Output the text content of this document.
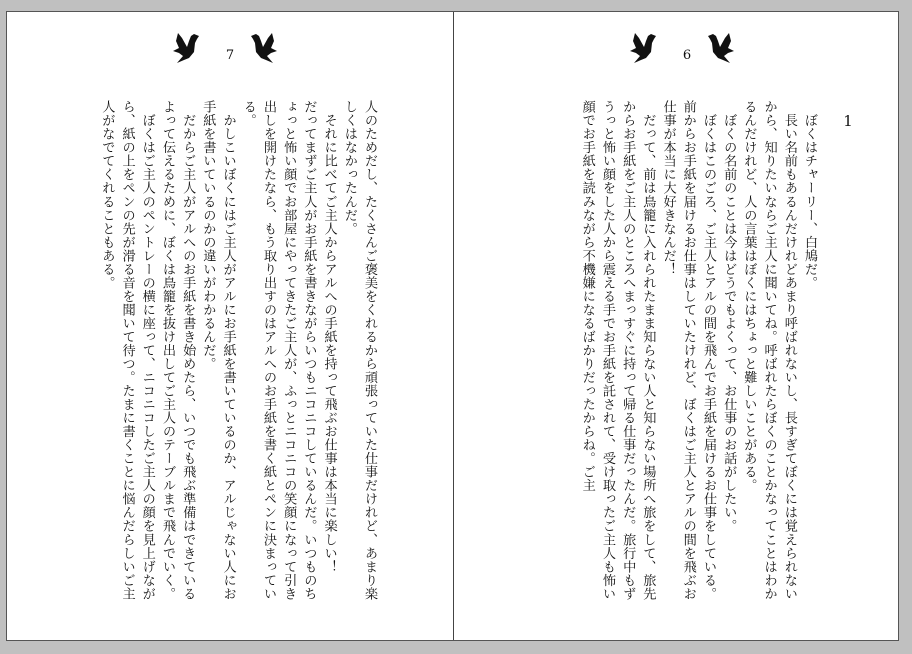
7
人のためだし、たくさんご褒美をくれるから頑張っていた仕事だけれど、あまり楽しくはなかったんだ。
　それに比べてご主人からアルへの手紙を持って飛ぶお仕事は本当に楽しい！
だってまずご主人がお手紙を書きながらいつもニコニコしているんだ。いつものちょっと怖い顔でお部屋にやってきたご主人が、ふっとニコニコの笑顔になって引き出しを開けたなら、もう取り出すのはアルへのお手紙を書く紙とペンに決まっている。
　かしこいぼくにはご主人がアルにお手紙を書いているのか、アルじゃない人にお手紙を書いているのかの違いがわかるんだ。
　だからご主人がアルへのお手紙を書き始めたら、いつでも飛ぶ準備はできているよって伝えるために、ぼくは鳥籠を抜け出してご主人のテーブルまで飛んでいく。
　ぼくはご主人のペントレーの横に座って、ニコニコしたご主人の顔を見上げながら、紙の上をペンの先が滑る音を聞いて待つ。たまに書くことに悩んだらしいご主人がなでてくれることもある。
6
1
　ぼくはチャーリー、白鳩だ。
　長い名前もあるんだけれどあまり呼ばれないし、長すぎてぼくには覚えられないから、知りたいならご主人に聞いてね。呼ばれたらぼくのことかなってことはわかるんだけれど、人の言葉はぼくにはちょっと難しいことがある。
　ぼくの名前のことは今はどうでもよくって、お仕事のお話がしたい。
　ぼくはこのごろ、ご主人とアルの間を飛んでお手紙を届けるお仕事をしている。前からお手紙を届けるお仕事はしていたけれど、ぼくはご主人とアルの間を飛ぶお仕事が本当に大好きなんだ！
　だって、前は鳥籠に入れられたまま知らない人と知らない場所へ旅をして、旅先からお手紙をご主人のところへまっすぐに持って帰る仕事だったんだ。旅行中もずうっと怖い顔をした人から震える手でお手紙を託されて、受け取ったご主人も怖い顔でお手紙を読みながら不機嫌になるばかりだったからね。ご主
